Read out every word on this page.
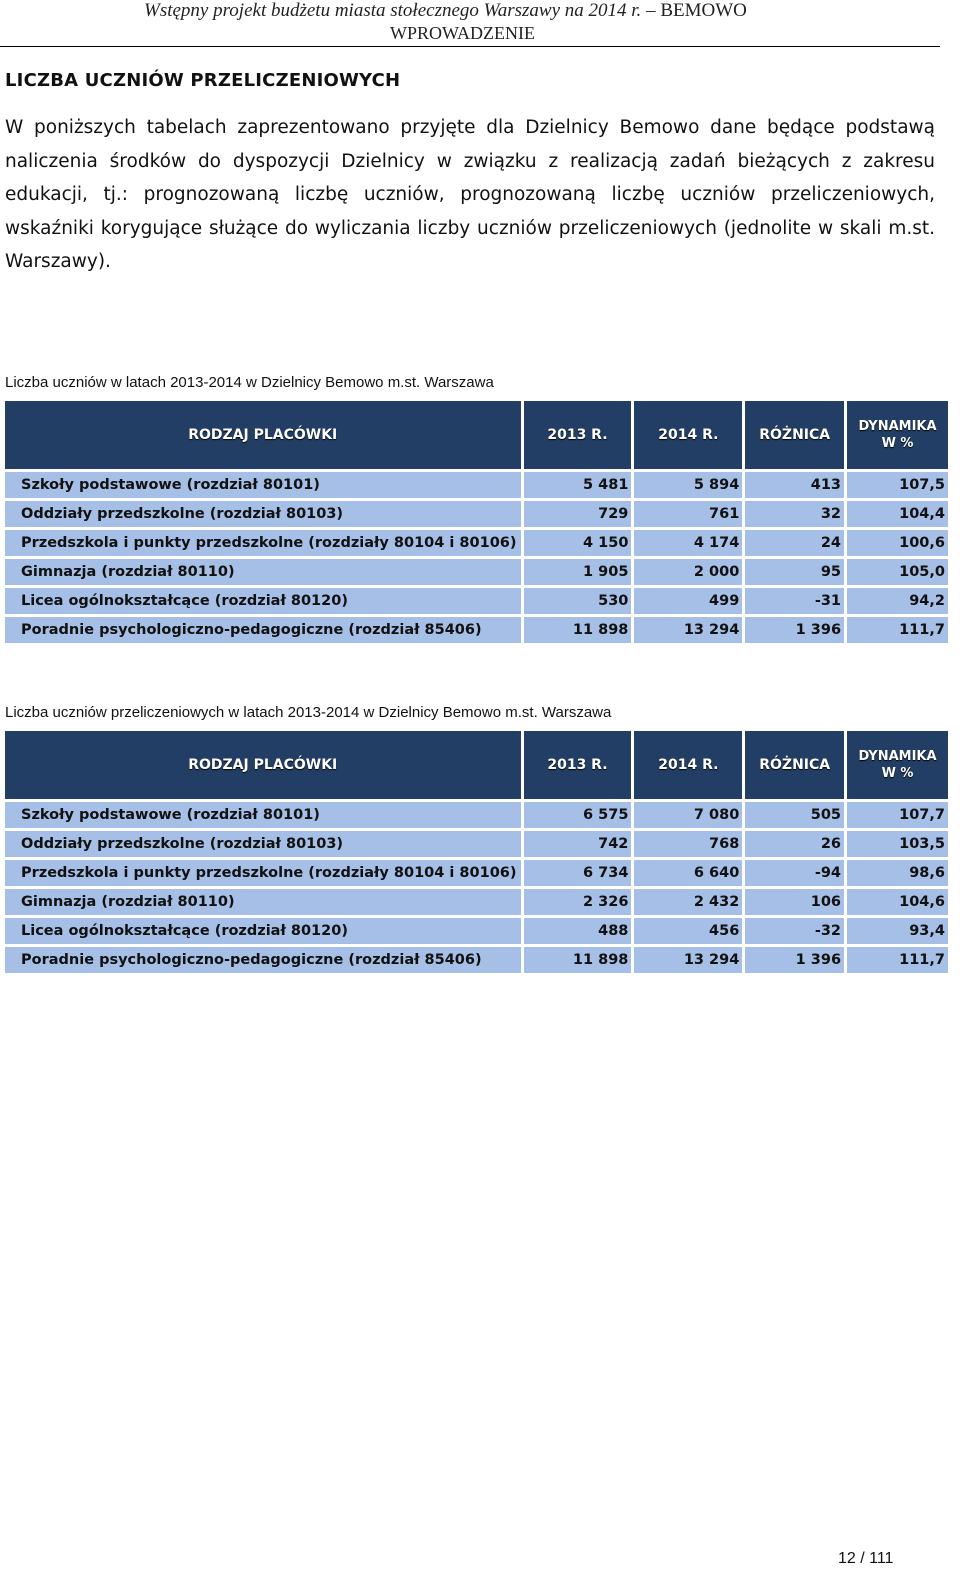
Wstępny projekt budżetu miasta stołecznego Warszawy na 2014 r. – BEMOWO
WPROWADZENIE
LICZBA UCZNIÓW PRZELICZENIOWYCH
W poniższych tabelach zaprezentowano przyjęte dla Dzielnicy Bemowo dane będące podstawą naliczenia środków do dyspozycji Dzielnicy w związku z realizacją zadań bieżących z zakresu edukacji, tj.: prognozowaną liczbę uczniów, prognozowaną liczbę uczniów przeliczeniowych, wskaźniki korygujące służące do wyliczania liczby uczniów przeliczeniowych (jednolite w skali m.st. Warszawy).
Liczba uczniów w latach 2013-2014 w Dzielnicy Bemowo m.st. Warszawa
RODZAJ PLACÓWKI	2013 R.	2014 R.	RÓŻNICA	DYNAMIKA
W %
Szkoły podstawowe (rozdział 80101)	5 481	5 894	413	107,5
Oddziały przedszkolne (rozdział 80103)	729	761	32	104,4
Przedszkola i punkty przedszkolne (rozdziały 80104 i 80106)	4 150	4 174	24	100,6
Gimnazja (rozdział 80110)	1 905	2 000	95	105,0
Licea ogólnokształcące (rozdział 80120)	530	499	-31	94,2
Poradnie psychologiczno-pedagogiczne (rozdział 85406)	11 898	13 294	1 396	111,7
Liczba uczniów przeliczeniowych w latach 2013-2014 w Dzielnicy Bemowo m.st. Warszawa
RODZAJ PLACÓWKI	2013 R.	2014 R.	RÓŻNICA	DYNAMIKA
W %
Szkoły podstawowe (rozdział 80101)	6 575	7 080	505	107,7
Oddziały przedszkolne (rozdział 80103)	742	768	26	103,5
Przedszkola i punkty przedszkolne (rozdziały 80104 i 80106)	6 734	6 640	-94	98,6
Gimnazja (rozdział 80110)	2 326	2 432	106	104,6
Licea ogólnokształcące (rozdział 80120)	488	456	-32	93,4
Poradnie psychologiczno-pedagogiczne (rozdział 85406)	11 898	13 294	1 396	111,7
12 / 111
